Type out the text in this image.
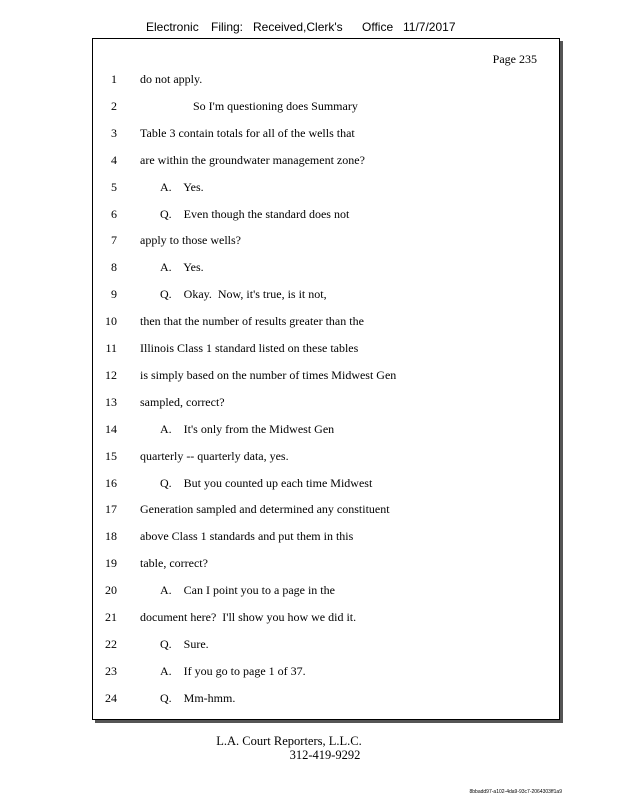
Electronic Filing: Received,Clerk's Office 11/7/2017
Page 235
1 do not apply.
2	So I'm questioning does Summary
3 Table 3 contain totals for all of the wells that
4 are within the groundwater management zone?
5	A.    Yes.
6	Q.    Even though the standard does not
7 apply to those wells?
8	A.    Yes.
9	Q.    Okay.  Now, it's true, is it not,
10 then that the number of results greater than the
11 Illinois Class 1 standard listed on these tables
12 is simply based on the number of times Midwest Gen
13 sampled, correct?
14	A.    It's only from the Midwest Gen
15 quarterly -- quarterly data, yes.
16	Q.    But you counted up each time Midwest
17 Generation sampled and determined any constituent
18 above Class 1 standards and put them in this
19 table, correct?
20	A.    Can I point you to a page in the
21 document here?  I'll show you how we did it.
22	Q.    Sure.
23	A.    If you go to page 1 of 37.
24	Q.    Mm-hmm.
L.A. Court Reporters, L.L.C.
312-419-9292
8bbadd97-a102-4da9-93c7-2064303ff1a9
